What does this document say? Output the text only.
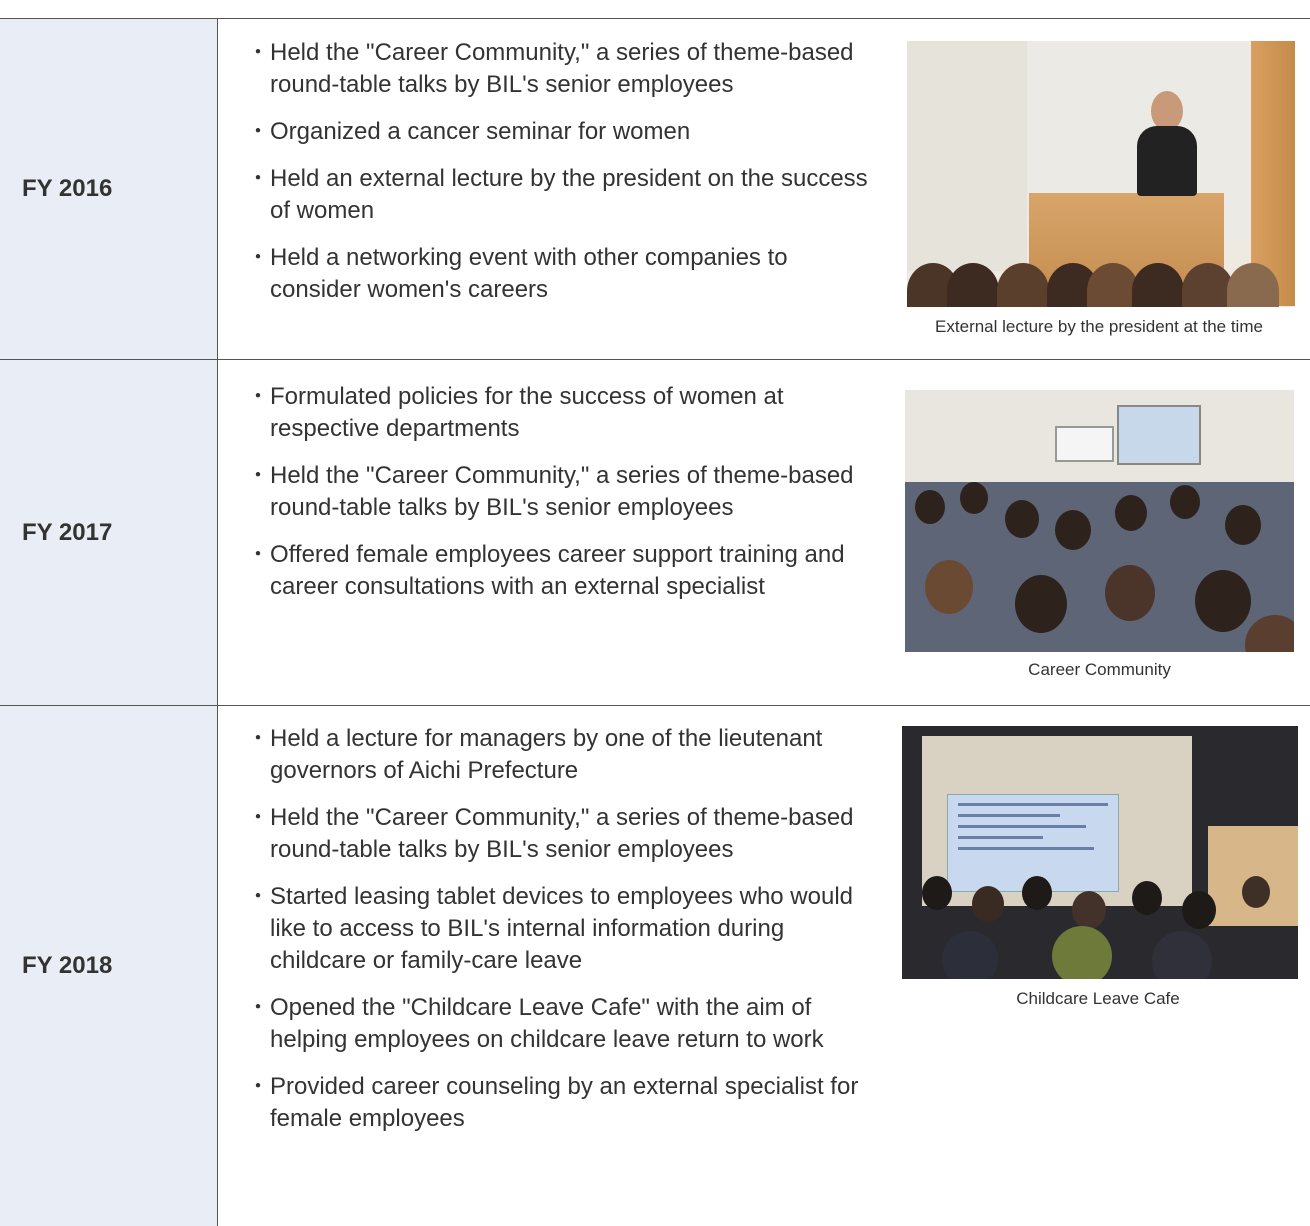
FY 2016
・ Held the "Career Community," a series of theme-based round-table talks by BIL's senior employees
・ Organized a cancer seminar for women
・ Held an external lecture by the president on the success of women
・ Held a networking event with other companies to consider women's careers
External lecture by the president at the time
FY 2017
・ Formulated policies for the success of women at respective departments
・ Held the "Career Community," a series of theme-based round-table talks by BIL's senior employees
・ Offered female employees career support training and career consultations with an external specialist
Career Community
FY 2018
・ Held a lecture for managers by one of the lieutenant governors of Aichi Prefecture
・ Held the "Career Community," a series of theme-based round-table talks by BIL's senior employees
・ Started leasing tablet devices to employees who would like to access to BIL's internal information during childcare or family-care leave
・ Opened the "Childcare Leave Cafe" with the aim of helping employees on childcare leave return to work
・ Provided career counseling by an external specialist for female employees
Childcare Leave Cafe
